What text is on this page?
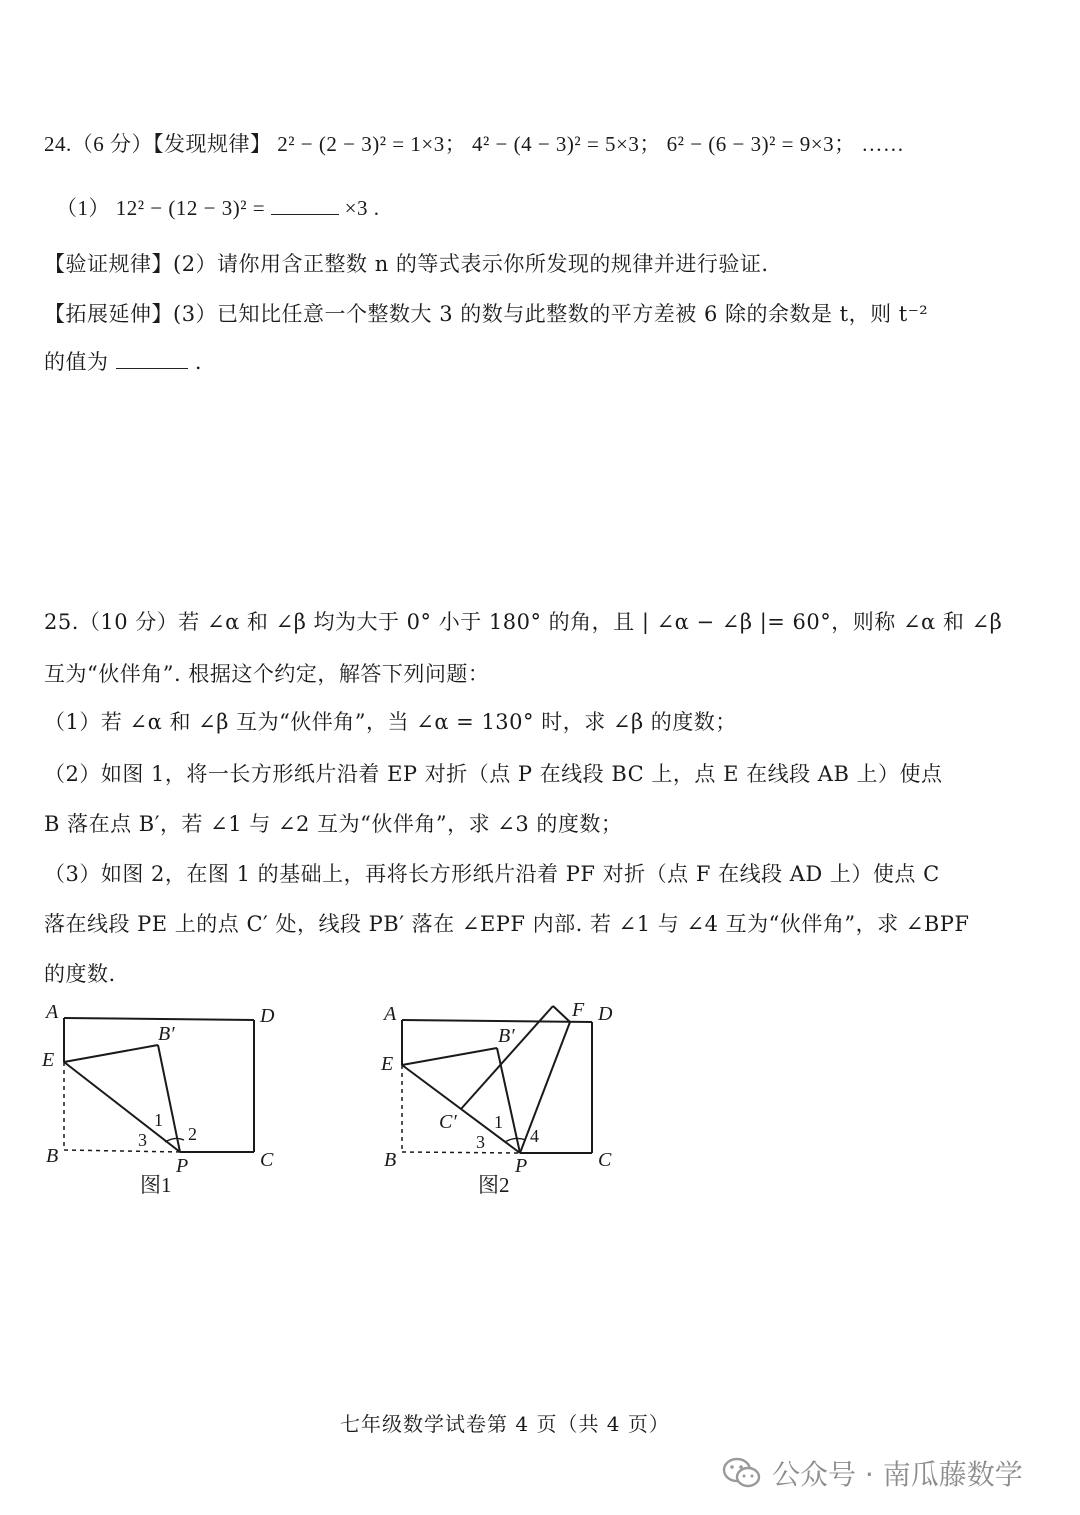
24.（6 分）【发现规律】 2² − (2 − 3)² = 1×3； 4² − (4 − 3)² = 5×3； 6² − (6 − 3)² = 9×3； ……
（1） 12² − (12 − 3)² =	×3 .
【验证规律】(2）请你用含正整数 n 的等式表示你所发现的规律并进行验证.
【拓展延伸】(3）已知比任意一个整数大 3 的数与此整数的平方差被 6 除的余数是 t，则 t⁻²
的值为	.
25.（10 分）若 ∠α 和 ∠β 均为大于 0° 小于 180° 的角，且 | ∠α − ∠β |= 60°，则称 ∠α 和 ∠β
互为“伙伴角”. 根据这个约定，解答下列问题：
（1）若 ∠α 和 ∠β 互为“伙伴角”，当 ∠α = 130° 时，求 ∠β 的度数；
（2）如图 1，将一长方形纸片沿着 EP 对折（点 P 在线段 BC 上，点 E 在线段 AB 上）使点
B 落在点 B′，若 ∠1 与 ∠2 互为“伙伴角”，求 ∠3 的度数；
（3）如图 2，在图 1 的基础上，再将长方形纸片沿着 PF 对折（点 F 在线段 AD 上）使点 C
落在线段 PE 上的点 C′ 处，线段 PB′ 落在 ∠EPF 内部. 若 ∠1 与 ∠4 互为“伙伴角”，求 ∠BPF
的度数.
A	D
E
B	C
P
B′
1
2
3
图1
A	F D
E
B	C
P
B′
C′ 1
3	4
图2
七年级数学试卷第 4 页（共 4 页）
公众号 · 南瓜藤数学
